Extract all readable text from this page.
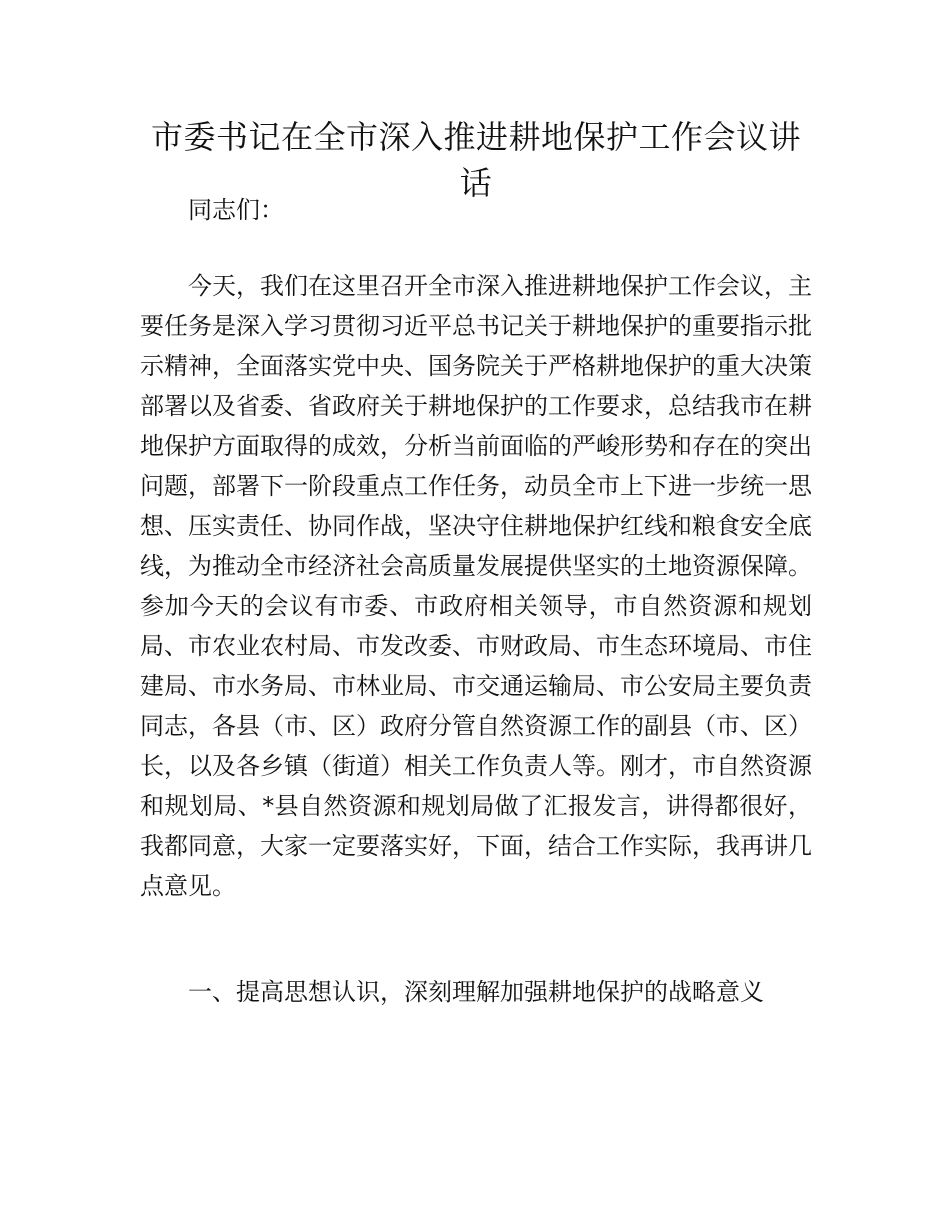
市委书记在全市深入推进耕地保护工作会议讲话

同志们：

今天，我们在这里召开全市深入推进耕地保护工作会议，主要任务是深入学习贯彻习近平总书记关于耕地保护的重要指示批示精神，全面落实党中央、国务院关于严格耕地保护的重大决策部署以及省委、省政府关于耕地保护的工作要求，总结我市在耕地保护方面取得的成效，分析当前面临的严峻形势和存在的突出问题，部署下一阶段重点工作任务，动员全市上下进一步统一思想、压实责任、协同作战，坚决守住耕地保护红线和粮食安全底线，为推动全市经济社会高质量发展提供坚实的土地资源保障。参加今天的会议有市委、市政府相关领导，市自然资源和规划局、市农业农村局、市发改委、市财政局、市生态环境局、市住建局、市水务局、市林业局、市交通运输局、市公安局主要负责同志，各县（市、区）政府分管自然资源工作的副县（市、区）长，以及各乡镇（街道）相关工作负责人等。刚才，市自然资源和规划局、*县自然资源和规划局做了汇报发言，讲得都很好，我都同意，大家一定要落实好，下面，结合工作实际，我再讲几点意见。

一、提高思想认识，深刻理解加强耕地保护的战略意义
